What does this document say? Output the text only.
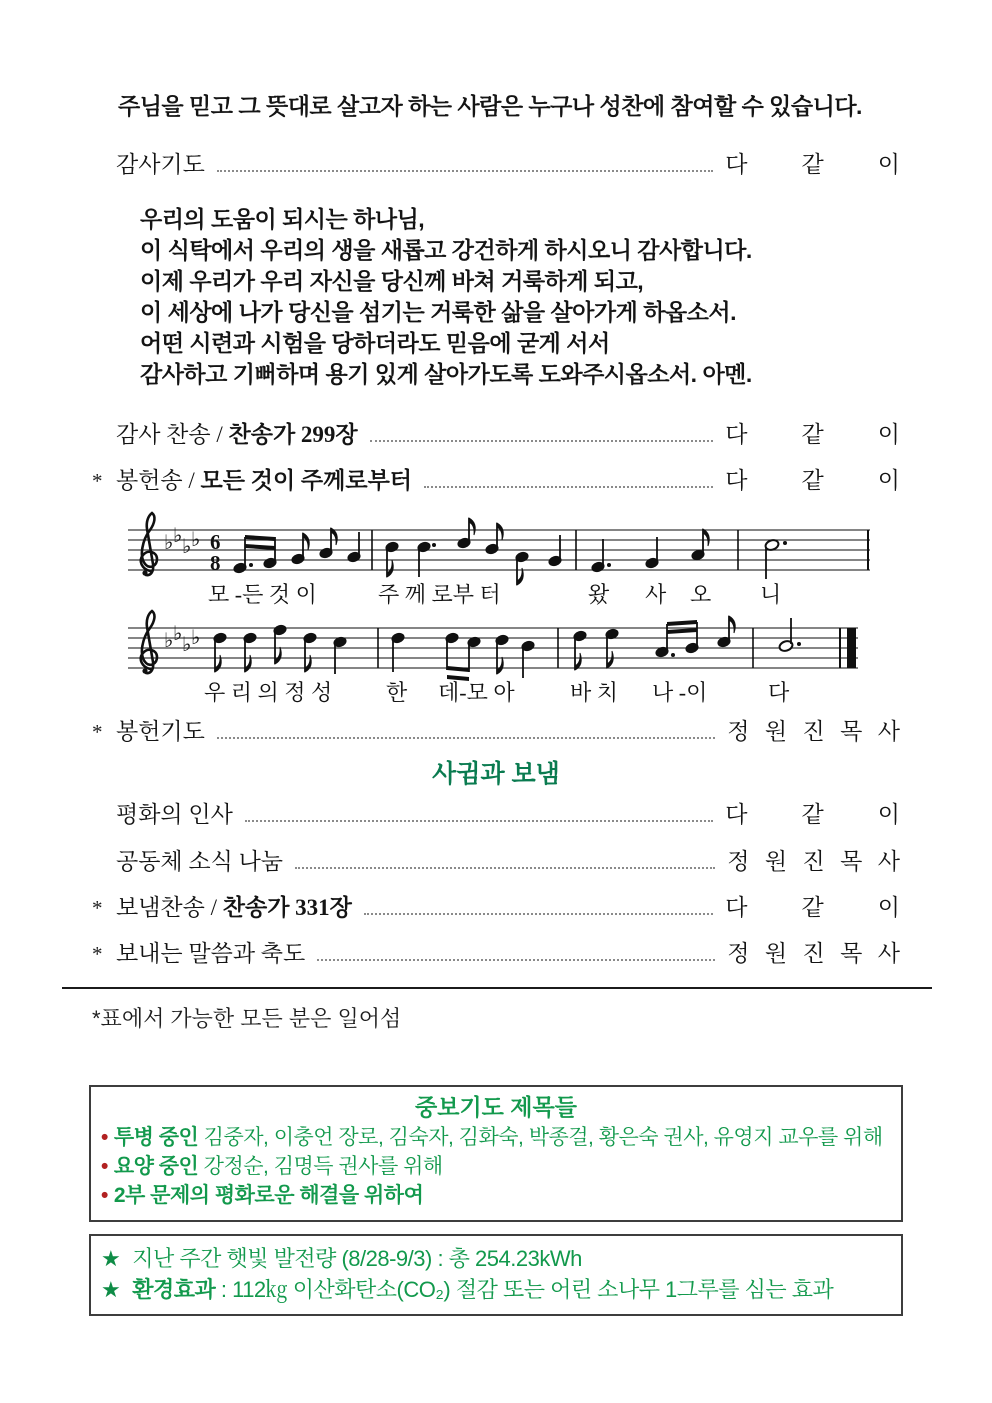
주님을 믿고 그 뜻대로 살고자 하는 사람은 누구나 성찬에 참여할 수 있습니다.
감사기도	다 같 이
우리의 도움이 되시는 하나님,
이 식탁에서 우리의 생을 새롭고 강건하게 하시오니 감사합니다.
이제 우리가 우리 자신을 당신께 바쳐 거룩하게 되고,
이 세상에 나가 당신을 섬기는 거룩한 삶을 살아가게 하옵소서.
어떤 시련과 시험을 당하더라도 믿음에 굳게 서서
감사하고 기뻐하며 용기 있게 살아가도록 도와주시옵소서. 아멘.
감사 찬송 / 찬송가 299장	다 같 이
* 봉헌송 / 모든 것이 주께로부터	다 같 이
♭ ♭ ♭ ♭ 6
8
모 -든 것 이	주 께 로부 터	왔 사 오 니
♭ ♭ ♭ ♭
우 리 의 정 성 한 데-모 아	바 치 나 -이	다
* 봉헌기도	정 원 진 목 사
사귐과 보냄
평화의 인사	다 같 이
공동체 소식 나눔	정 원 진 목 사
* 보냄찬송 / 찬송가 331장	다 같 이
* 보내는 말씀과 축도	정 원 진 목 사
*표에서 가능한 모든 분은 일어섬
중보기도 제목들
• 투병 중인 김중자, 이충언 장로, 김숙자, 김화숙, 박종걸, 황은숙 권사, 유영지 교우를 위해
• 요양 중인 강정순, 김명득 권사를 위해
• 2부 문제의 평화로운 해결을 위하여
★ 지난 주간 햇빛 발전량 (8/28-9/3) : 총 254.23kWh
★ 환경효과 : 112㎏ 이산화탄소(CO₂) 절감 또는 어린 소나무 1그루를 심는 효과
